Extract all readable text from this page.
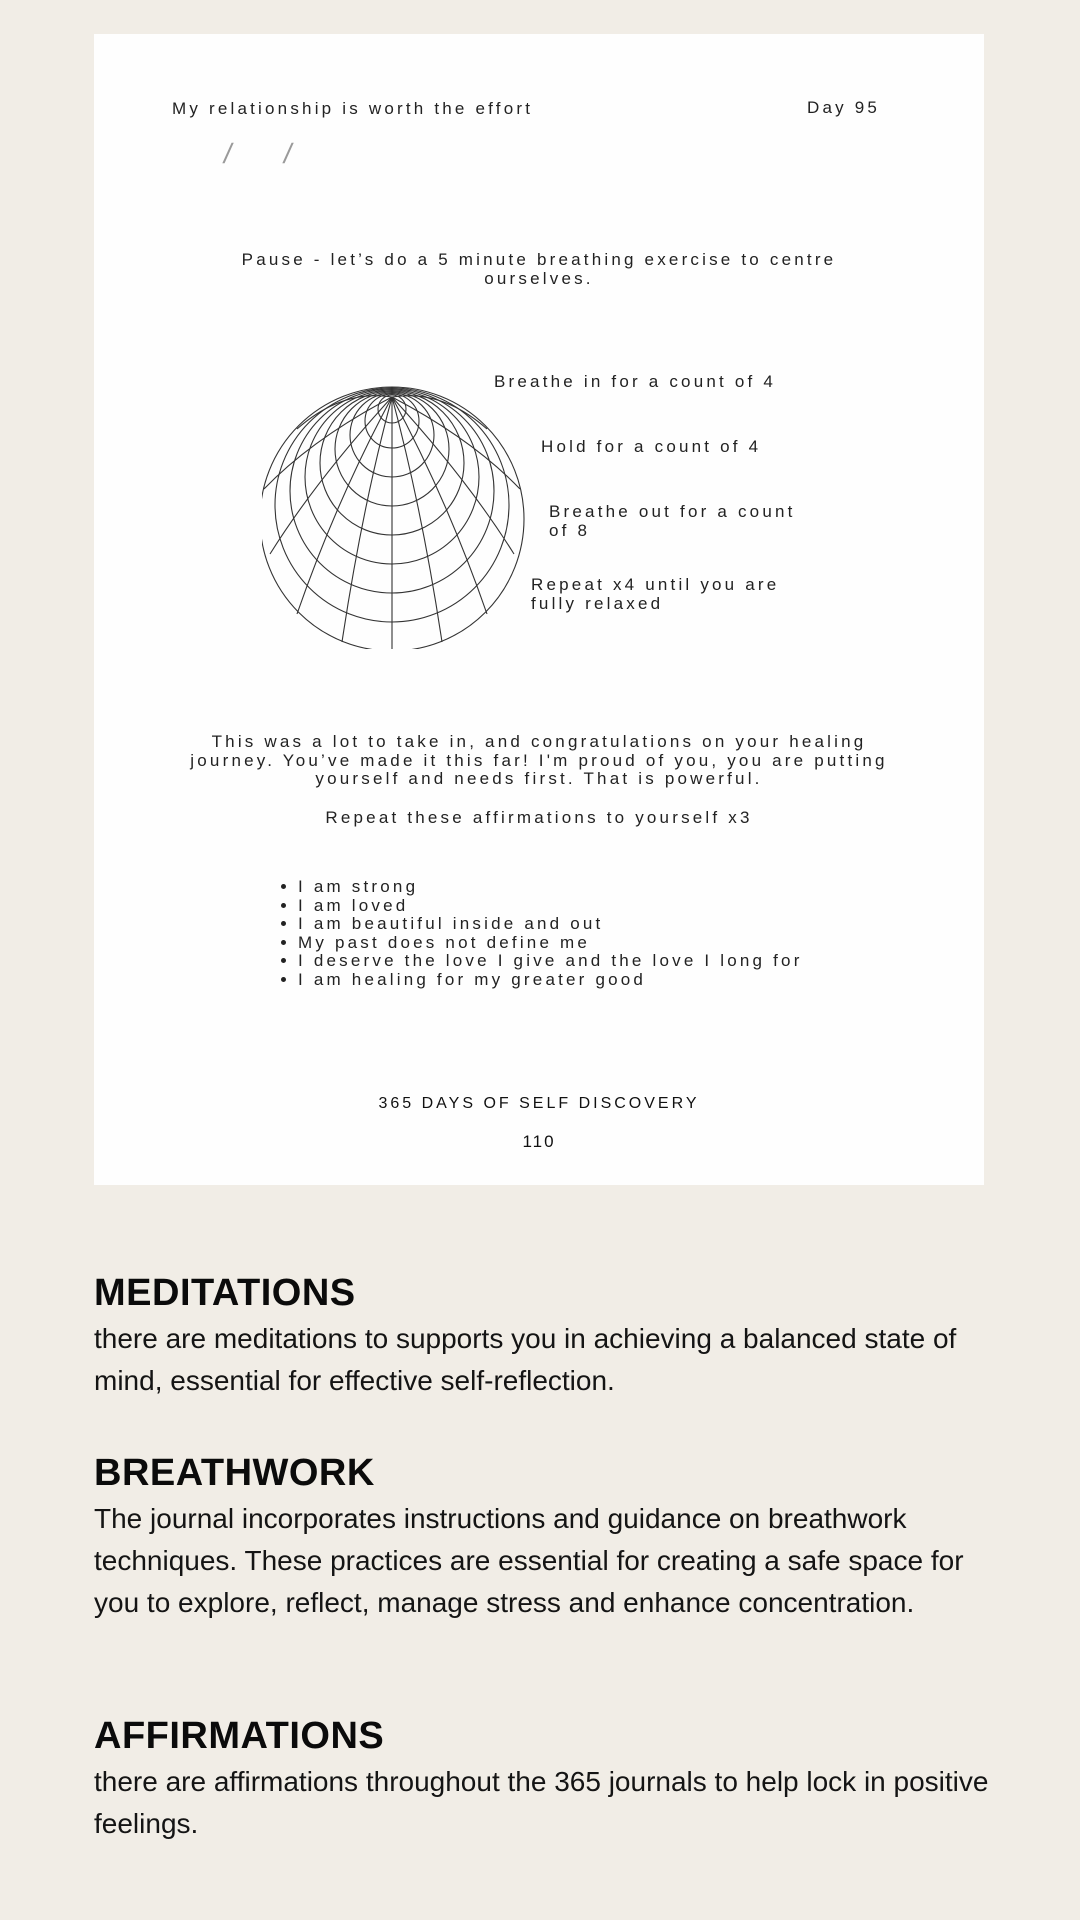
My relationship is worth the effort	Day 95
/ /
Pause - let’s do a 5 minute breathing exercise to centre ourselves.
Breathe in for a count of 4
Hold for a count of 4
Breathe out for a count of 8
Repeat x4 until you are fully relaxed
This was a lot to take in, and congratulations on your healing journey. You’ve made it this far! I'm proud of you, you are putting yourself and needs first. That is powerful.
Repeat these affirmations to yourself x3
• I am strong
• I am loved
• I am beautiful inside and out
• My past does not define me
• I deserve the love I give and the love I long for
• I am healing for my greater good
365 DAYS OF SELF DISCOVERY
110
MEDITATIONS

there are meditations to supports you in achieving a balanced state of mind, essential for effective self-reflection.

BREATHWORK

The journal incorporates instructions and guidance on breathwork techniques. These practices are essential for creating a safe space for you to explore, reflect, manage stress and enhance concentration.

AFFIRMATIONS

there are affirmations throughout the 365 journals to help lock in positive feelings.
